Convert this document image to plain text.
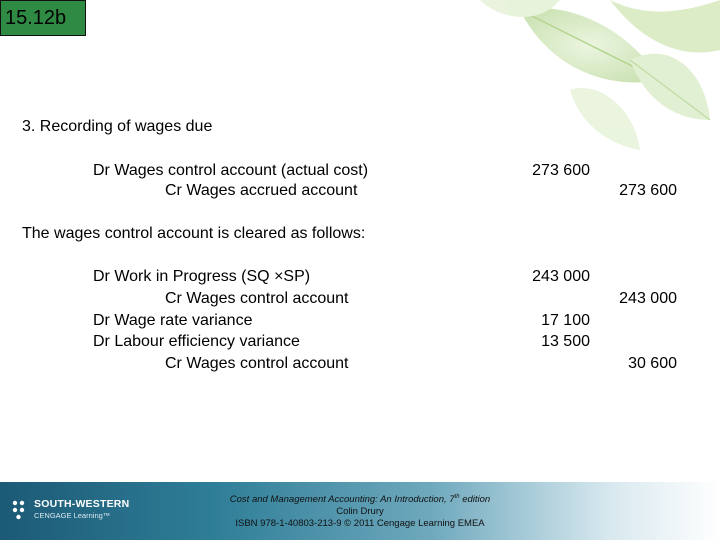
15.12b
3. Recording of wages due
Dr Wages control account (actual cost)	273 600
Cr Wages accrued account	273 600
The wages control account is cleared as follows:
Dr Work in Progress (SQ ×SP)	243 000
Cr Wages control account	243 000
Dr Wage rate variance	17 100
Dr Labour efficiency variance	13 500
Cr Wages control account	30 600
SOUTH-WESTERN
CENGAGE Learning™
Cost and Management Accounting: An Introduction, 7th edition
Colin Drury
ISBN 978-1-40803-213-9 © 2011 Cengage Learning EMEA
